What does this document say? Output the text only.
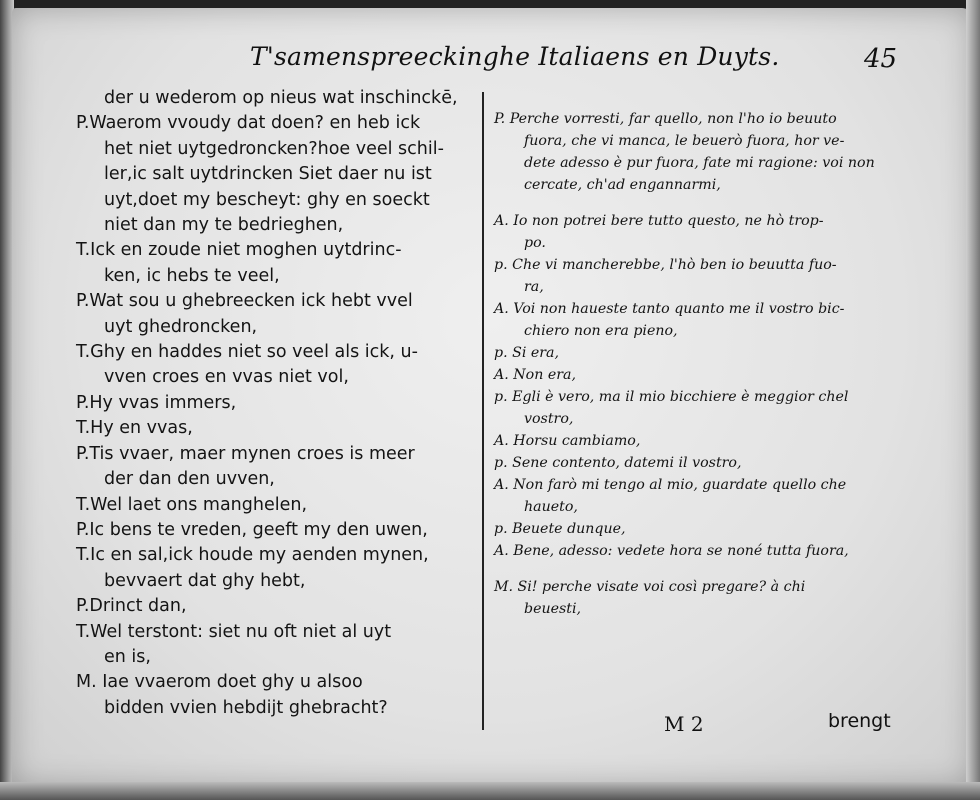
T'samenspreeckinghe Italiaens en Duyts.	45
der u wederom op nieus wat inschinckē,
P.Waerom vvoudy dat doen? en heb ick
het niet uytgedroncken?hoe veel schil-
ler,ic salt uytdrincken Siet daer nu ist
uyt,doet my bescheyt: ghy en soeckt
niet dan my te bedrieghen,
T.Ick en zoude niet moghen uytdrinc-
ken, ic hebs te veel,
P.Wat sou u ghebreecken ick hebt vvel
uyt ghedroncken,
T.Ghy en haddes niet so veel als ick, u-
vven croes en vvas niet vol,
P.Hy vvas immers,
T.Hy en vvas,
P.Tis vvaer, maer mynen croes is meer
der dan den uvven,
T.Wel laet ons manghelen,
P.Ic bens te vreden, geeft my den uwen,
T.Ic en sal,ick houde my aenden mynen,
bevvaert dat ghy hebt,
P.Drinct dan,
T.Wel terstont: siet nu oft niet al uyt
en is,
M. Iae vvaerom doet ghy u alsoo
bidden vvien hebdijt ghebracht?
P. Perche vorresti, far quello, non l'ho io beuuto
fuora, che vi manca, le beuerò fuora, hor ve-
dete adesso è pur fuora, fate mi ragione: voi non
cercate, ch'ad engannarmi,
A. Io non potrei bere tutto questo, ne hò trop-
po.
p. Che vi mancherebbe, l'hò ben io beuutta fuo-
ra,
A. Voi non haueste tanto quanto me il vostro bic-
chiero non era pieno,
p. Si era,
A. Non era,
p. Egli è vero, ma il mio bicchiere è meggior chel
vostro,
A. Horsu cambiamo,
p. Sene contento, datemi il vostro,
A. Non farò mi tengo al mio, guardate quello che
haueto,
p. Beuete dunque,
A. Bene, adesso: vedete hora se noné tutta fuora,
M. Si! perche visate voi così pregare? à chi
beuesti,
M 2	brengt
